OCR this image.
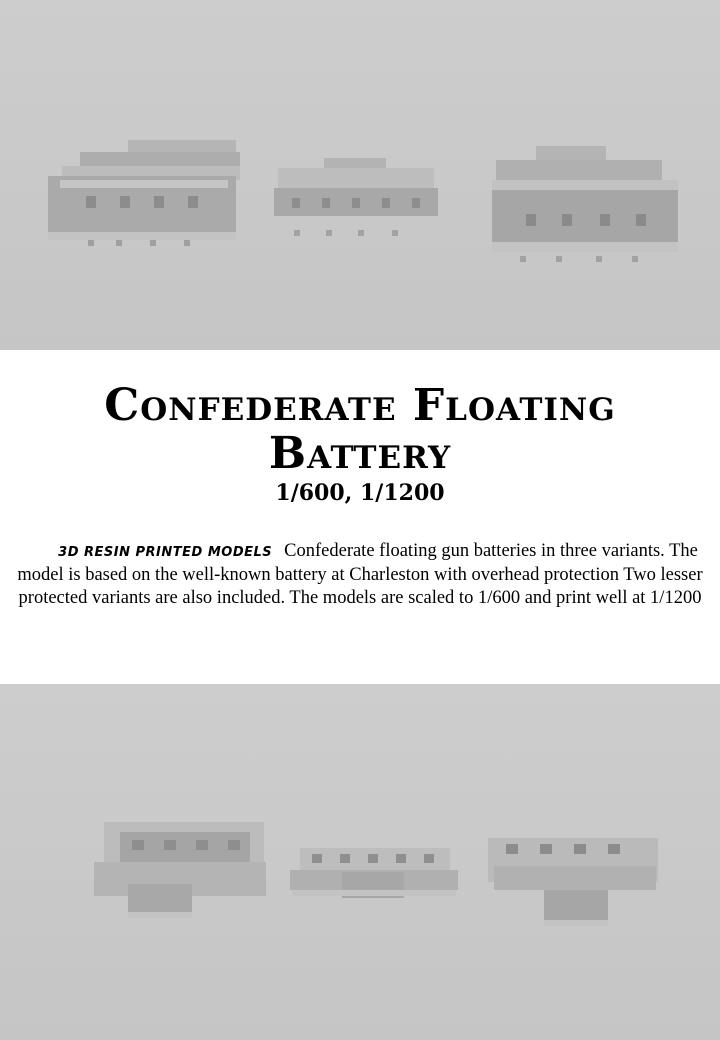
Confederate Floating Battery

1/600, 1/1200

3D RESIN PRINTED MODELS Confederate floating gun batteries in three variants. The model is based on the well-known battery at Charleston with overhead protection Two lesser protected variants are also included. The models are scaled to 1/600 and print well at 1/1200
